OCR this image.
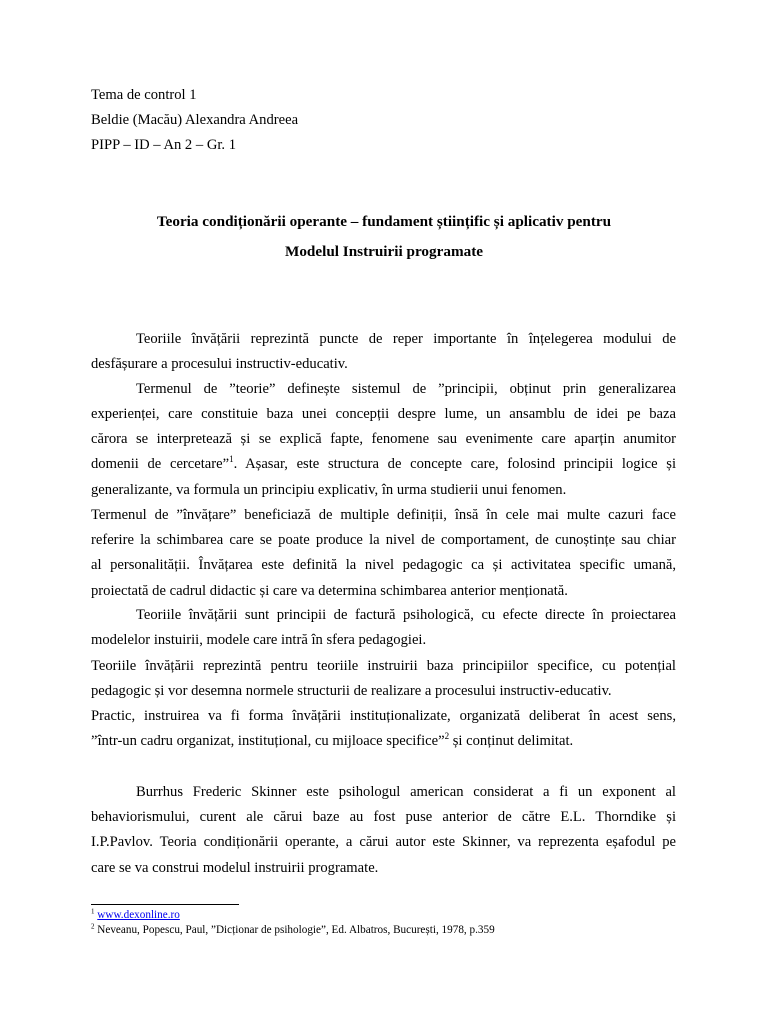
Tema de control 1
Beldie (Macău) Alexandra Andreea
PIPP – ID – An 2 – Gr. 1
Teoria condiționării operante – fundament științific și aplicativ pentru
Modelul Instruirii programate
Teoriile învățării reprezintă puncte de reper importante în înțelegerea modului de
desfășurare a procesului instructiv-educativ.
Termenul de ”teorie” definește sistemul de ”principii, obținut prin generalizarea
experienței, care constituie baza unei concepții despre lume, un ansamblu de idei pe baza
cărora se interpretează și se explică fapte, fenomene sau evenimente care aparțin anumitor
domenii de cercetare”$^1$. Așasar, este structura de concepte care, folosind principii logice și
generalizante, va formula un principiu explicativ, în urma studierii unui fenomen.
Termenul de ”învățare” beneficiază de multiple definiții, însă în cele mai multe cazuri face
referire la schimbarea care se poate produce la nivel de comportament, de cunoștințe sau chiar
al personalității. Învățarea este definită la nivel pedagogic ca și activitatea specific umană,
proiectată de cadrul didactic și care va determina schimbarea anterior menționată.
Teoriile învățării sunt principii de factură psihologică, cu efecte directe în proiectarea
modelelor instuirii, modele care intră în sfera pedagogiei.
Teoriile învățării reprezintă pentru teoriile instruirii baza principiilor specifice, cu potențial
pedagogic și vor desemna normele structurii de realizare a procesului instructiv-educativ.
Practic, instruirea va fi forma învățării instituționalizate, organizată deliberat în acest sens,
”într-un cadru organizat, instituțional, cu mijloace specifice”$^2$ și conținut delimitat.
Burrhus Frederic Skinner este psihologul american considerat a fi un exponent al
behaviorismului, curent ale cărui baze au fost puse anterior de către E.L. Thorndike și
I.P.Pavlov. Teoria condiționării operante, a cărui autor este Skinner, va reprezenta eșafodul pe
care se va construi modelul instruirii programate.
$^1$ www.dexonline.ro
$^2$ Neveanu, Popescu, Paul, ”Dicționar de psihologie”, Ed. Albatros, București, 1978, p.359
